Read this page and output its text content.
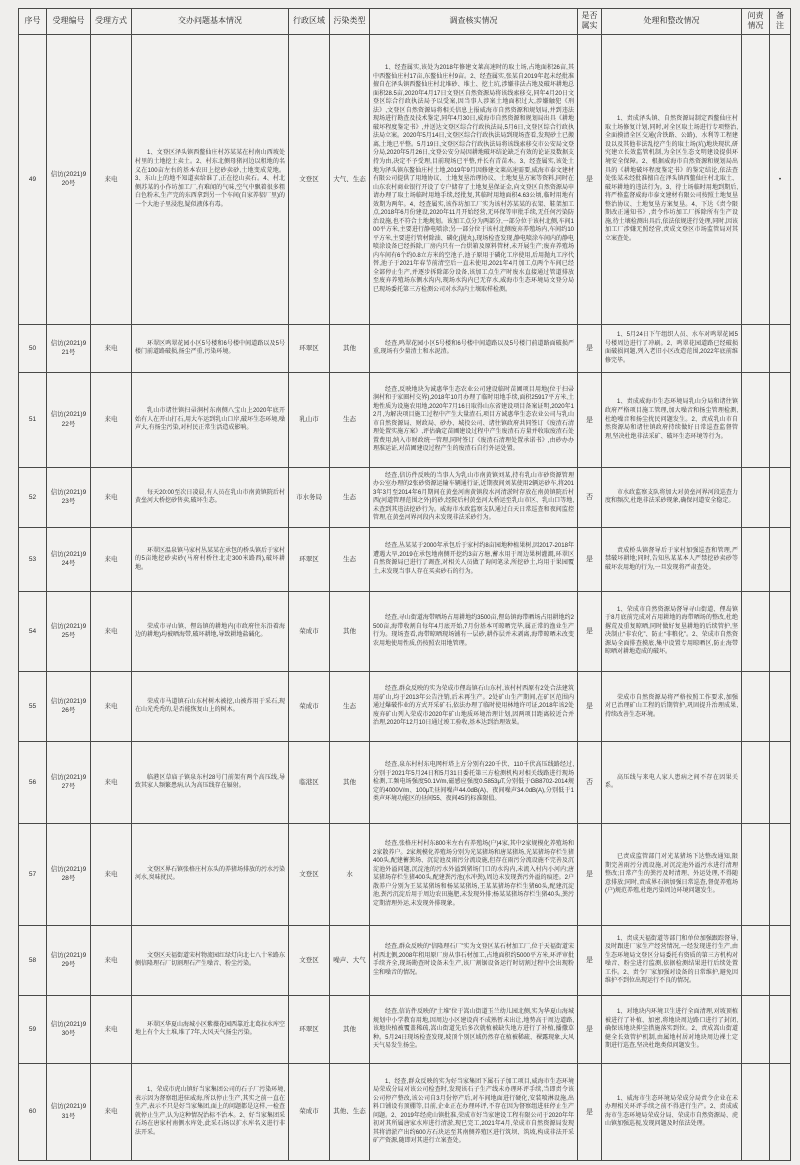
序号	受理编号	受理方式	交办问题基本情况	行政区域	污染类型	调查核实情况	是否属实	处理和整改情况	问责情况	备注
49	信访(2021)920号	来电	1、文登区泽头镇西鳌仙庄村苏某某在村南山西坡处村里的土地挖土卖土。2、村东北侧母猪河边以租地的名义在100亩左右的基本农田上挖砂卖砂,土地变成荒地。3、东山上的地不知道卖给谁了,正在挖山卖石。4、村北侧苏某的小作坊加工厂,有难闻的气味,空气中飘着很多粗白色粉末,生产完的东西拿到另一个车间(自家养貂厂里)的一个大池子里浸泡,疑似液体有毒。	文登区	大气、生态	1、经查属实,该处为2018年修建文莱高速时的取土场,占地面积26亩,其中西鳌仙庄村17亩,东鳌仙庄村9亩。2、经查属实,张某自2019年起未经批准擅自在泽头镇西鳌仙庄村北堆砂、堆土、挖土坑,涉嫌非法占地及破坏耕地总面积28.5亩,2020年4月17日文登区自然资源局将该线索移交,同年4月20日文登区综合行政执法局予以受案,因当事人涉案土地面积过大,涉嫌触犯《刑法》,文登区自然资源局将相关信息上报威海市自然资源和规划局,并到违法现场进行勘查及技术鉴定,同年4月30日,威海市自然资源和规划局出具《耕地破坏程度鉴定书》,并送达文登区综合行政执法局,5月6日,文登区综合行政执法局立案。2020年5月14日,文登区综合行政执法局到现场查看,发现砂土已搬离,土地已平整。5月19日,文登区综合行政执法局将该线索移交市公安局文登分局,2020年5月26日,文登公安分局因耕地破坏结论缺乏有效的论证及数据支持为由,决定不予受理,目前现场已平整,并长有青苗木。3、经查属实,该处土地为泽头镇东鳌仙庄村土地,2019年9月因修建文莱高速需要,威海市泰文建材有限公司提供了用地协议、土地复垦治理协议、土地复垦方案等资料,同时在山东农村商业银行开设了专户储存了土地复垦保证金,向文登区自然资源局申请办理了取土场临时用地手续,经批复,其临时用地面积4.63公顷,临时用地有效期为两年。4、经查属实,该作坊加工厂实为该村苏某某的衣架、鞋架加工点,2018年6月份建设,2020年11月开始经营,无环保等审批手续,无任何污染防治设施,也不符合土地规划。该加工点分为两部分,一部分位于该村北侧,车间100平方米,主要进行静电喷涂;另一部分位于该村北侧废弃养殖场内,车间约10平方米,主要进行管材除油、磷化(抛丸),现场检查发现,静电喷涂车间内的静电喷涂设备已经拆除,厂房内只有一台烘箱及原料管材,未开展生产;废弃养殖场内车间有6个约0.8立方米的空池子,池子原用于磷化工序使用,后用抛丸工序代替,池子于2021年春节前清空后一直未使用,2021年4月加工点两个车间已经全部停止生产,并逐步拆除部分设备,该加工点生产时废水直接通过管道排放至废弃养殖场东侧水沟内,现场水沟内已无存水,威海市生态环境局文登分局已现场委托第三方检测公司对水沟内土壤取样检测。	是	1、责成泽头镇、自然资源局制定西鳌仙庄村取土场修复计划,同时,对全区取土场进行专项整治,全面摸清全区交通(含铁路、公路)、水利等工程建设以及其他非法乱挖产生的取土场(坑)地块现状,研究建立长效监管机制,为全区生态文明建设提供环境安全保障。2、根据威海市自然资源和规划局出具的《耕地破坏程度鉴定书》的鉴定结论,依法查处张某未经批准擅自在泽头镇西鳌仙庄村北取土、破坏耕地的违法行为。3、待土场临时用地到期后,将严格监督威海市泰文建材有限公司按照土地复垦整治协议、土地复垦方案复垦。4、下达《责令限期改正通知书》,责令作坊加工厂拆除所有生产设施,待土壤检测出具后,依法依规进行处理,同时,因该加工厂涉嫌无照经营,责成文登区市场监管局对其立案查处。		•
50	信访(2021)921号	来电	环翠区鸣翠花园小区5号楼和6号楼中间道路以及5号楼门前道路破损,扬尘严重,污染环境。	环翠区	其他	经查,鸣翠花园小区5号楼和6号楼中间道路以及5号楼门前道路面破损严重,现场有少量渣土和水泥渣。	是	1、5月24日下午组织人员、水车对鸣翠花园5号楼周边进行了冲刷。2、鸣翠花园道路已经破损面破损问题,列入老旧小区改造范围,2022年底前维修完毕。		
51	信访(2021)922号	来电	乳山市诸往镇扫帚涧村东南侧八宝山上2020年底开始有人在开山打石,用大车运到乳山口岸,破坏生态环境,噪声大,有扬尘污染,对村民正常生活造成影响。	乳山市	生态	经查,反映地块为诚惠华生态农业公司建设临时苗圃项目用地(位于扫帚涧村和于家圈村交界),2018年10月办理了临时用地手续,面积25917平方米,土地性质为设施农用地,2020年7月16日取得山东省建设项目备案证明,2020年12月,为解决项目施工过程中产生大量渣石,项目方诚惠华生态农业公司与乳山市自然资源局、财政局、砂办、城投公司、诸往镇政府共同签订《废渣石清理处置实施方案》,评估确定苗圃建设过程中产生废渣石方量并收取废渣石处置费用,纳入市财政统一管理,同时签订《废渣石清理处置承诺书》,由砂办办理准运证,对苗圃建设过程产生的废渣石自行外运处置。	是	1、责成威海市生态环境局乳山分局和诸往镇政府严格项目施工管理,加大噪音和扬尘管理检测,杜绝噪音和扬尘扰民问题发生。2、责成乳山市自然资源局和诸往镇政府持续做好日常巡查监督管理,坚决杜绝非法采矿、破坏生态环境等行为。		
52	信访(2021)923号	来电	每天20:00至次日凌晨,有人员在乳山市南黄镇院后村黄垒河大桥挖砂售卖,破坏生态。	市水务局	生态	经查,信访件反映的当事人为乳山市南黄镇刘某,持有乳山市砂资源管理办公室办理的2张砂资源运输车辆通行证,近期夜间刘某使用2辆运砂车,将2013年3月至2014年6月期间在黄垒河南黄镇段水河清淤时存放在南黄镇院后村西(河道管理范围之外)的砂,经院后村黄垒河大桥运至乳山市区、乳山口等地,未查到其违法挖砂行为。威海市水政监察支队通过白天日常巡查和夜间监控管理,在黄垒河界河段内未发现非法采砂行为。	否	市水政监察支队将加大对黄垒河界河段巡查力度和频次,杜绝非法采砂现象,确保河道安全稳定。		
53	信访(2021)924号	来电	环翠区温泉镇马家村丛某某在承包的桥头镇后于家村的5亩地挖砂卖砂(马府村桥往北走300米路西),破坏耕地。	环翠区	生态	经查,丛某某于2000年承包后于家村约8亩园地种植果树,因2017-2018年遭遇大旱,2019在承包地南侧开挖约3亩方塘,蓄水用于周边果树灌溉,环翠区自然资源局已进行了调查,对相关人员做了询问笔录,所挖砂土,均用于果园覆土,未发现当事人存在买卖砂石的行为。	是	责成桥头镇督导后于家村加强巡查和管理,严禁破坏耕地;同时,告知丛某某本人严禁挖砂卖砂等破坏农用地的行为,一旦发现将严肃查处。		
54	信访(2021)925号	来电	荣成市寻山镇、俚岛镇的耕地内(市政府往东沿着海边的耕地)均被晒海带,破坏耕地,导致耕地盐碱化。	荣成市	其他	经查,寻山街道海带晒场占用耕地约3500亩,俚岛镇海带晒场占用耕地约2500亩,海带收割自每年4月底开始,7月份基本可晾晒完毕,属正常的渔业生产行为。现场查看,海带晾晒现场铺有一层砂,耕作层并未剥离,海带晾晒未改变农用地使用性质,仍按照农用地管理。	是	1、荣成市自然资源局督导寻山街道、俚岛镇于8月底前完成对占用耕地的海带晒场的整改,杜绝撂荒及重复晾晒,同时做好复垦耕地的后续管护,坚决制止“非农化”、防止“非粮化”。2、荣成市自然资源局全面排查摸底,集中设置专用晾晒区,防止海带晾晒对耕地造成的破坏。		
55	信访(2021)926号	来电	荣成市马道镇石山东村树木被挖,山被炸用于采石,现在山光秃秃的,是否能恢复山上的树木。	荣成市	生态	经查,群众反映的实为荣成市俚岛镇石山东村,该村村西原有2处合法建筑用矿山,均于2013年公告注销,后未再生产。2处矿山生产期间,在矿区范围内通过爆破作业的方式开采矿石,依法办理了临时使用林地许可证,2018年该2处废弃矿山列入荣成市2020年矿山地质环境治理计划,因两项目距离较近合并治理,2020年12月10日通过竣工验收,基本达到治理效果。	是	荣成市自然资源局将严格按照工作要求,加强对已治理矿山工程的后期管护,巩固提升治理成果,持续改善生态环境。		
56	信访(2021)927号	来电	临港区草庙子镇泉东村28号门前架有两个高压线,导致其家人频繁患病,认为高压线存在辐射。	临港区	其他	经查,泉东村村东电网杆塔上方分别有220千伏、110千伏高压线路经过,分别于2021年5月24日和5月31日委托第三方检测机构对相关线路进行现场检测,工频电场强度50.1V/m,磁感应强度0.5853μT,分别低于GB8702-2014规定的4000V/m、100μT;昼间噪声44.0dB(A)、夜间噪声34.0dB(A),分别低于1类声环境功能区的昼间55、夜间45的标准限值。	否	高压线与来电人家人患病之间不存在因果关系。		
57	信访(2021)928号	来电	文登区界石镇张格庄村东头的养猪场排放的污水污染河水,臭味扰民。	文登区	水	经查,张格庄村村东800米左右有养殖场(户)4家,其中2家规模化养殖场和2家散养户。2家规模化养殖场分别为光某猪场和唐某猪场,光某猪场存栏生猪400头,配建蓄粪场、沉淀池及雨污分流设施,但存在雨污分流设施不完善及沉淀池外溢问题,沉淀池的污水外溢到猪场门口的水沟内,未流入村内小河内;唐某猪场存栏生猪400头,配建粪污池(水冲粪),周边未发现粪污外溢的痕迹。2户散养户分别为王某某猪场和杨某某猪场,王某某猪场存栏生猪60头,配建沉淀池,粪污沉淀后用于周边农田施肥,未发现外排;杨某某猪场存栏生猪40头,粪污定期清理外运,未发现外排现象。	是	已责成监管部门对光某猪场下达整改通知,限期完善雨污分流设施,对沉淀池外溢污水进行清理整改;日常产生的粪污及时清理、外运处理,不得随意排放;同时,责成界石镇加强日常巡查,督促养殖场(户)规范养殖,杜绝污染周边环境问题发生。		
58	信访(2021)929号	来电	文登区天福街道宋村物流园红绿灯向北七八十米路东侧信隆理石厂切割理石产生噪音、粉尘污染。	文登区	噪声、大气	经查,群众反映的“信隆理石厂”实为文登区某石材加工厂,位于天福街道宋村西北侧,2008年租用原厂房从事石材加工,占地面积约5000平方米,环评审批手续齐全,现场勘查时设备未生产,该厂割锯设备运行时切割过程中会出现粉尘和噪音的情况。	是	1、责成天福街道等部门和单位加强跟踪督导,及时跟进厂家生产经营情况,一经发现进行生产,由生态环境局文登区分局委托有资质的第三方机构对噪音、粉尘进行监测,依据检测结果进行后续处置工作。2、责令厂家加强对设备的日常维护,避免因维护不到位出现运行不良的情况。		
59	信访(2021)930号	来电	环翠区华夏山海城小区紫薇花园西靠近北葛拉水库空地上有个大土堆,堆了7年,大风天气扬尘污染。	环翠区	其他	经查,信访件反映的“土堆”位于嵩山街道玉兰幼儿园北侧,实为华夏山海城规划中小学教育用地,因周边小区建设尚不成熟暂未出让,地势高于周边道路,该地块植被覆盖稀疏,嵩山街道先后多次就植被缺失地方进行了补植,播撒草种。5月24日现场检查发现,坡顶个别区域仍然存在植被稀疏、裸露现象,大风天气易发生扬尘。	是	1、对地块内环境卫生进行全面清理,对坡顶植被进行了补植、加密,将地块周边路口进行了封闭,确保该地块抑尘措施落实到位。2、责成嵩山街道健全长效管护机制,由属地村居对地块周边裸土定期进行巡查,坚决杜绝类似问题发生。		
60	信访(2021)931号	来电	1、荣成市虎山镇好当家集团公司的石子厂污染环境,表示因为督察组进驻威海,所以停止生产,其实之前一直在生产,表示不只是好当家集团,面上的问题都是这样,一检查就停止生产,认为这种情况治标不治本。2、好当家集团采石场在唐家村南侧水库处,此采石场以扩水库名义进行非法开采。	荣成市	其他、生态	1、经查,群众反映的实为好当家集团下属石子加工项目,威海市生态环境局荣成分局对该公司检查时,发现该石子生产线未办理环评手续,当即责令该公司停产整改,该公司自3月份停产后,对车间地面进行硬化,安装喷淋设施,出料口铺设有顶棚等,目前,企业正在办理环评,不存在因为督察组进驻停止生产问题。2、2019年经虎山镇批准,荣成市好当家建设工程有限公司于2020年年初对其所属唐家水库进行清淤,现已完工,2021年4月,荣成市自然资源局发现其将清淤产出约600方石块运至其南侧养殖区进行筑坝、筑坡,构成非法开采矿产资源,随即对其进行立案查处。	是	1、威海市生态环境局荣成分局责令企业在未办理相关环评手续之前不得进行生产。2、责成威海市生态环境局荣成分局、荣成市自然资源局、虎山镇加强巡视,发现问题及时依法处理。		
